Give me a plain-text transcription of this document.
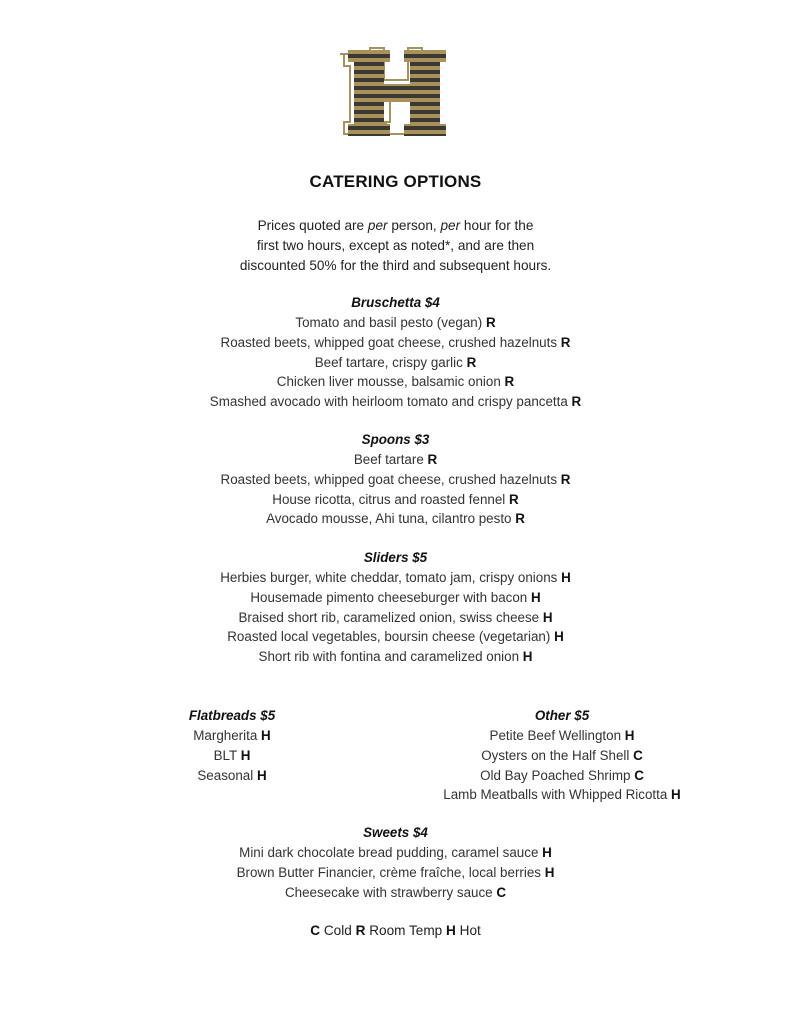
CATERING OPTIONS
Prices quoted are per person, per hour for the
first two hours, except as noted*, and are then
discounted 50% for the third and subsequent hours.
Bruschetta $4
Tomato and basil pesto (vegan) R
Roasted beets, whipped goat cheese, crushed hazelnuts R
Beef tartare, crispy garlic R
Chicken liver mousse, balsamic onion R
Smashed avocado with heirloom tomato and crispy pancetta R
Spoons $3
Beef tartare R
Roasted beets, whipped goat cheese, crushed hazelnuts R
House ricotta, citrus and roasted fennel R
Avocado mousse, Ahi tuna, cilantro pesto R
Sliders $5
Herbies burger, white cheddar, tomato jam, crispy onions H
Housemade pimento cheeseburger with bacon H
Braised short rib, caramelized onion, swiss cheese H
Roasted local vegetables, boursin cheese (vegetarian) H
Short rib with fontina and caramelized onion H
Flatbreads $5
Margherita H
BLT H
Seasonal H
Other $5
Petite Beef Wellington H
Oysters on the Half Shell C
Old Bay Poached Shrimp C
Lamb Meatballs with Whipped Ricotta H
Sweets $4
Mini dark chocolate bread pudding, caramel sauce H
Brown Butter Financier, crème fraîche, local berries H
Cheesecake with strawberry sauce C
C Cold R Room Temp H Hot
